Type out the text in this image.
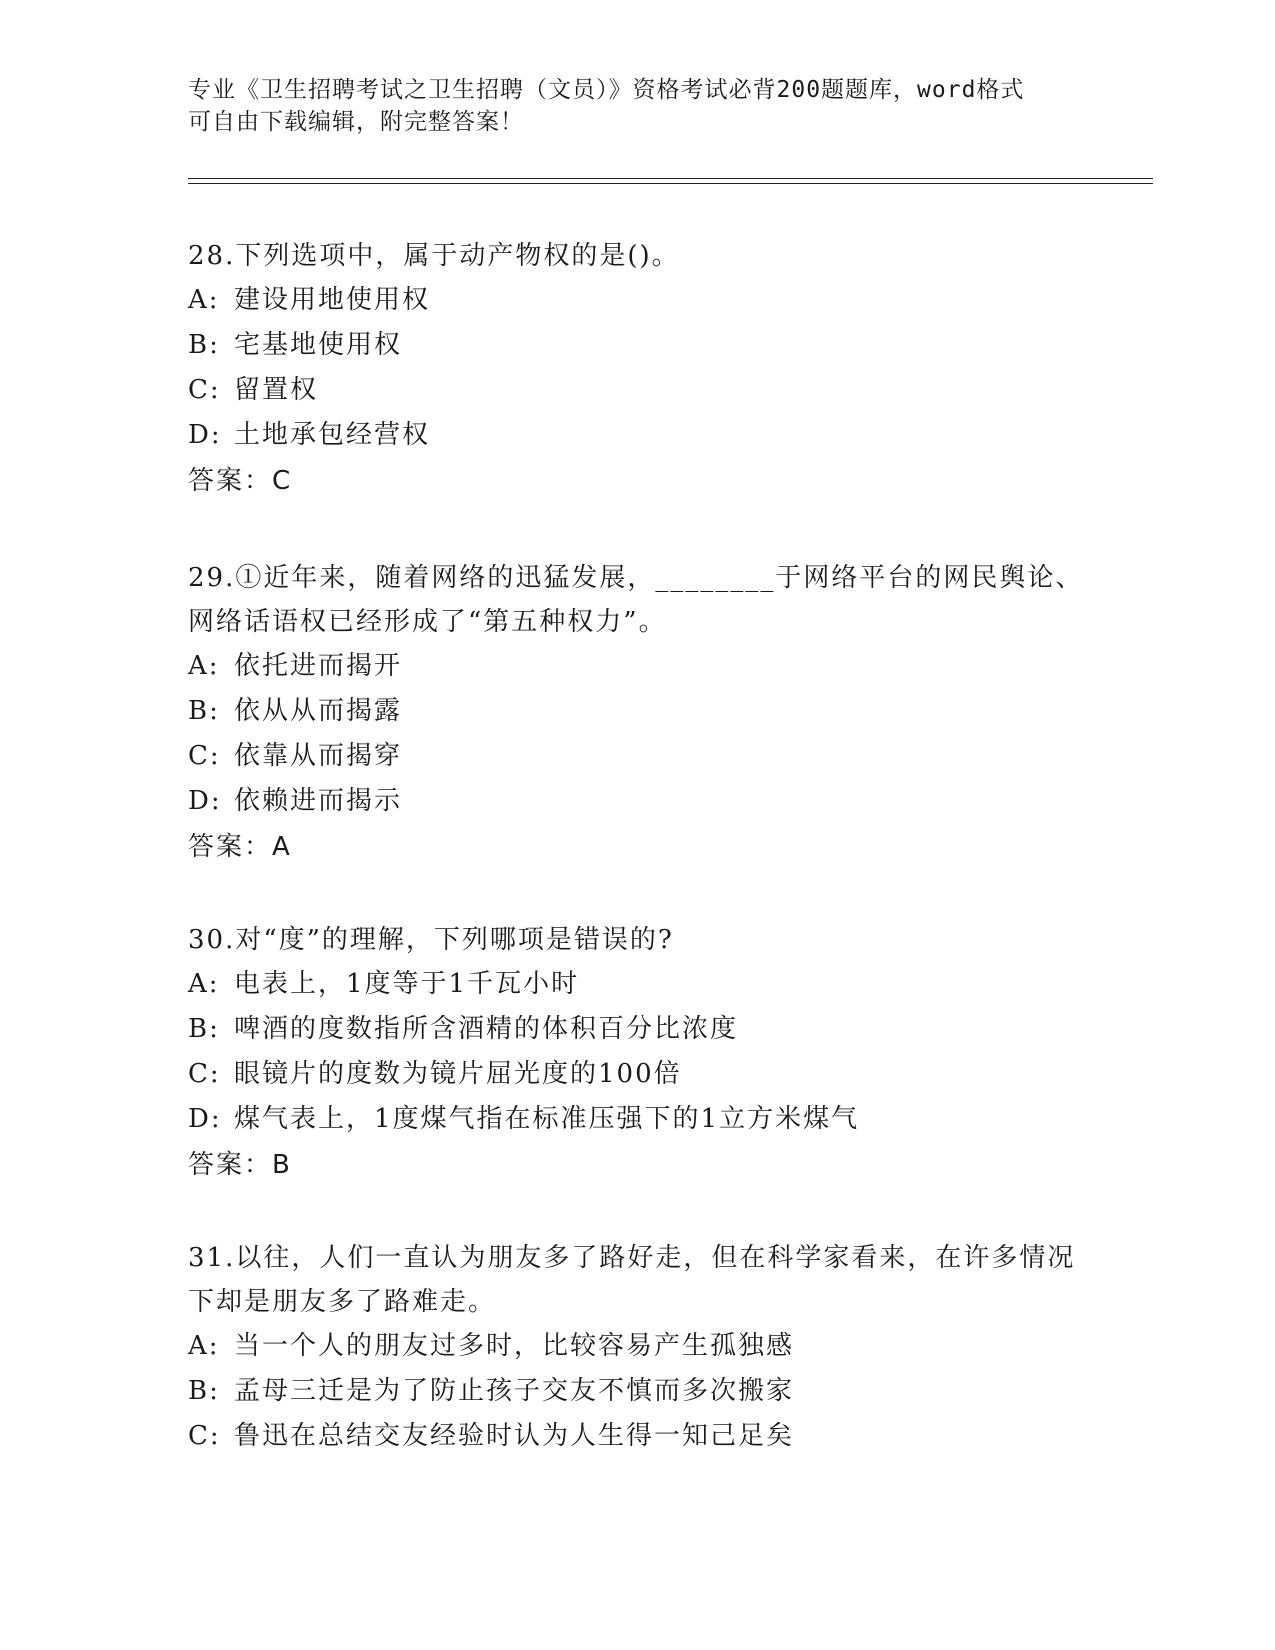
专业《卫生招聘考试之卫生招聘（文员）》资格考试必背200题题库，word格式
可自由下载编辑，附完整答案！

28.下列选项中，属于动产物权的是()。

A: 建设用地使用权

B: 宅基地使用权

C: 留置权

D: 土地承包经营权

答案：C

29.①近年来，随着网络的迅猛发展，________于网络平台的网民舆论、网络话语权已经形成了“第五种权力”。

A: 依托进而揭开

B: 依从从而揭露

C: 依靠从而揭穿

D: 依赖进而揭示

答案：A

30.对“度”的理解，下列哪项是错误的?

A: 电表上，1度等于1千瓦小时

B: 啤酒的度数指所含酒精的体积百分比浓度

C: 眼镜片的度数为镜片屈光度的100倍

D: 煤气表上，1度煤气指在标准压强下的1立方米煤气

答案：B

31.以往，人们一直认为朋友多了路好走，但在科学家看来，在许多情况下却是朋友多了路难走。

A: 当一个人的朋友过多时，比较容易产生孤独感

B: 孟母三迁是为了防止孩子交友不慎而多次搬家

C: 鲁迅在总结交友经验时认为人生得一知己足矣
